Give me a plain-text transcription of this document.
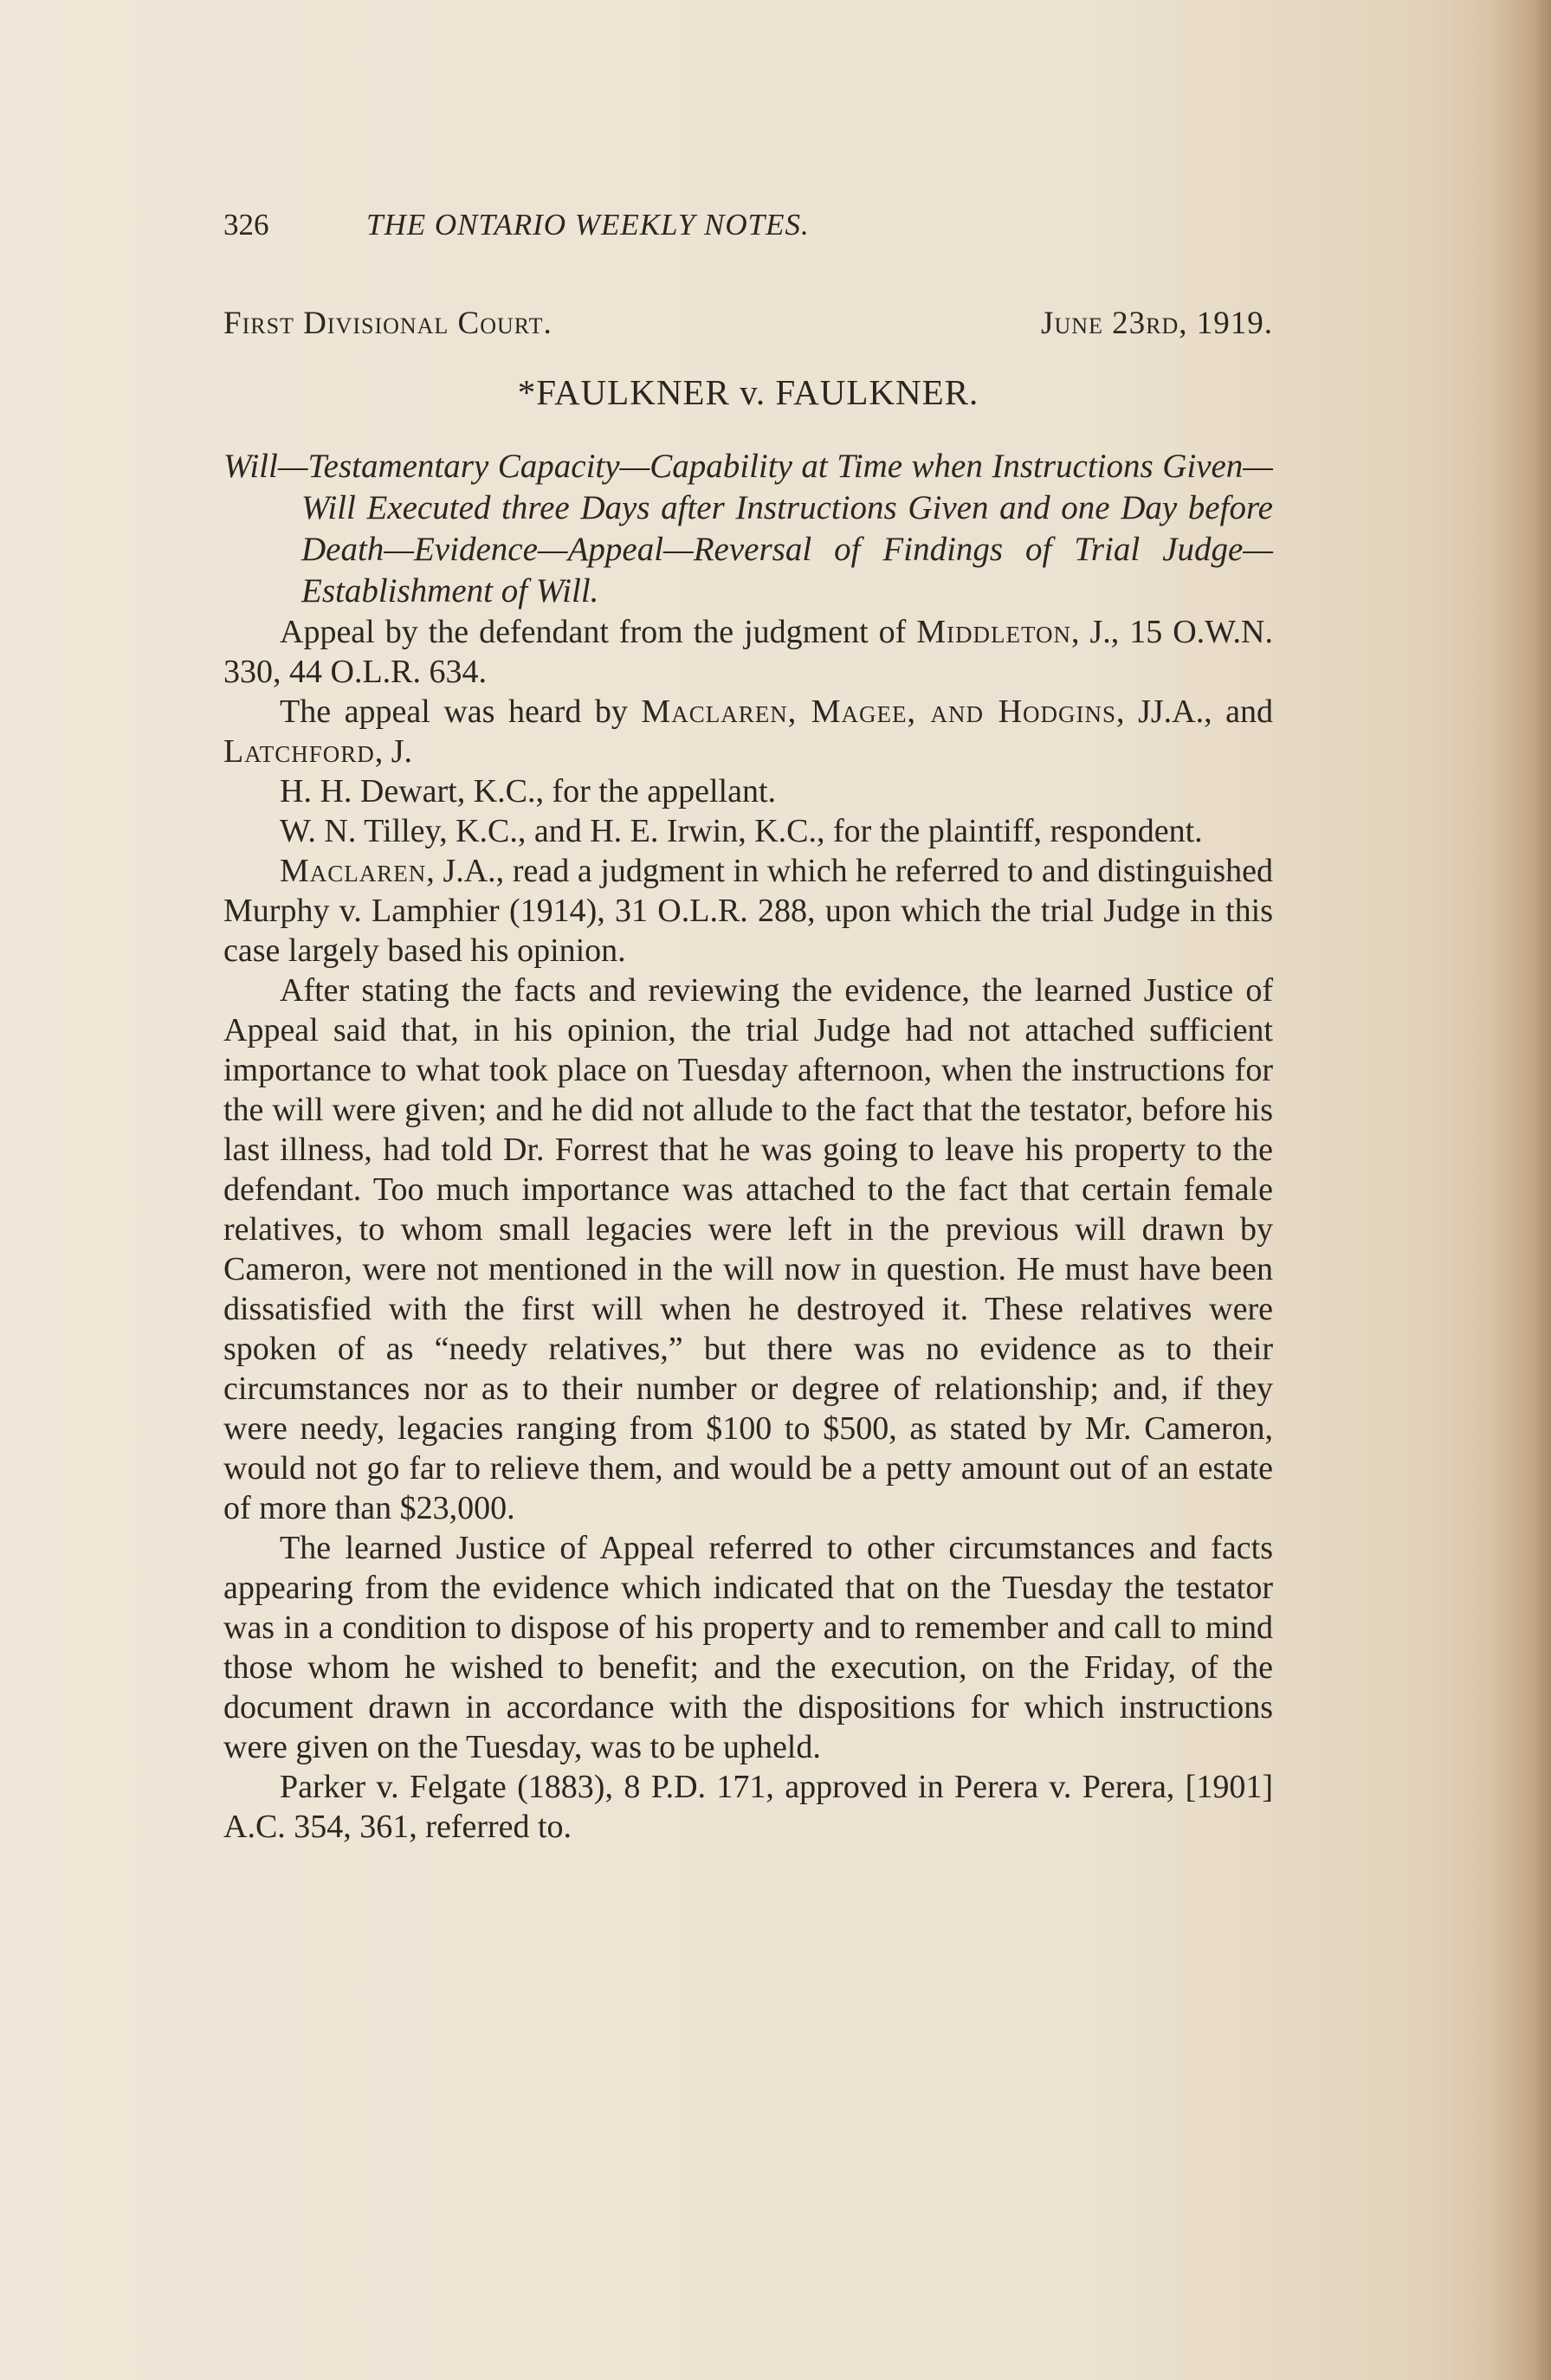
326	THE ONTARIO WEEKLY NOTES.
First Divisional Court.	June 23rd, 1919.
*FAULKNER v. FAULKNER.
Will—Testamentary Capacity—Capability at Time when Instructions Given—Will Executed three Days after Instructions Given and one Day before Death—Evidence—Appeal—Reversal of Findings of Trial Judge—Establishment of Will.

Appeal by the defendant from the judgment of Middleton, J., 15 O.W.N. 330, 44 O.L.R. 634.

The appeal was heard by Maclaren, Magee, and Hodgins, JJ.A., and Latchford, J.

H. H. Dewart, K.C., for the appellant.

W. N. Tilley, K.C., and H. E. Irwin, K.C., for the plaintiff, respondent.

Maclaren, J.A., read a judgment in which he referred to and distinguished Murphy v. Lamphier (1914), 31 O.L.R. 288, upon which the trial Judge in this case largely based his opinion.

After stating the facts and reviewing the evidence, the learned Justice of Appeal said that, in his opinion, the trial Judge had not attached sufficient importance to what took place on Tuesday afternoon, when the instructions for the will were given; and he did not allude to the fact that the testator, before his last illness, had told Dr. Forrest that he was going to leave his property to the defendant. Too much importance was attached to the fact that certain female relatives, to whom small legacies were left in the previous will drawn by Cameron, were not mentioned in the will now in question. He must have been dissatisfied with the first will when he destroyed it. These relatives were spoken of as “needy relatives,” but there was no evidence as to their circumstances nor as to their number or degree of relationship; and, if they were needy, legacies ranging from $100 to $500, as stated by Mr. Cameron, would not go far to relieve them, and would be a petty amount out of an estate of more than $23,000.

The learned Justice of Appeal referred to other circumstances and facts appearing from the evidence which indicated that on the Tuesday the testator was in a condition to dispose of his property and to remember and call to mind those whom he wished to benefit; and the execution, on the Friday, of the document drawn in accordance with the dispositions for which instructions were given on the Tuesday, was to be upheld.

Parker v. Felgate (1883), 8 P.D. 171, approved in Perera v. Perera, [1901] A.C. 354, 361, referred to.
